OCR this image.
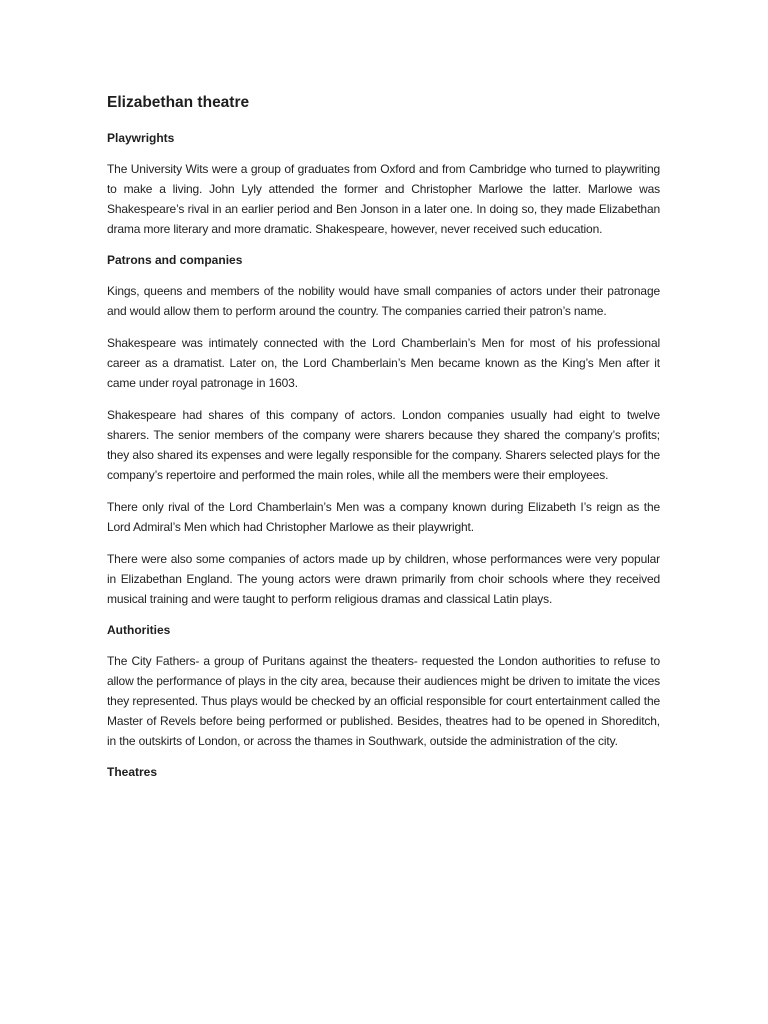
Elizabethan theatre
Playwrights

The University Wits were a group of graduates from Oxford and from Cambridge who turned to playwriting to make a living. John Lyly attended the former and Christopher Marlowe the latter. Marlowe was Shakespeare’s rival in an earlier period and Ben Jonson in a later one. In doing so, they made Elizabethan drama more literary and more dramatic. Shakespeare, however, never received such education.

Patrons and companies

Kings, queens and members of the nobility would have small companies of actors under their patronage and would allow them to perform around the country. The companies carried their patron’s name.

Shakespeare was intimately connected with the Lord Chamberlain’s Men for most of his professional career as a dramatist. Later on, the Lord Chamberlain’s Men became known as the King’s Men after it came under royal patronage in 1603.

Shakespeare had shares of this company of actors. London companies usually had eight to twelve sharers. The senior members of the company were sharers because they shared the company’s profits; they also shared its expenses and were legally responsible for the company. Sharers selected plays for the company’s repertoire and performed the main roles, while all the members were their employees.

There only rival of the Lord Chamberlain’s Men was a company known during Elizabeth I’s reign as the Lord Admiral’s Men which had Christopher Marlowe as their playwright.

There were also some companies of actors made up by children, whose performances were very popular in Elizabethan England. The young actors were drawn primarily from choir schools where they received musical training and were taught to perform religious dramas and classical Latin plays.

Authorities

The City Fathers- a group of Puritans against the theaters- requested the London authorities to refuse to allow the performance of plays in the city area, because their audiences might be driven to imitate the vices they represented. Thus plays would be checked by an official responsible for court entertainment called the Master of Revels before being performed or published. Besides, theatres had to be opened in Shoreditch, in the outskirts of London, or across the thames in Southwark, outside the administration of the city.

Theatres
